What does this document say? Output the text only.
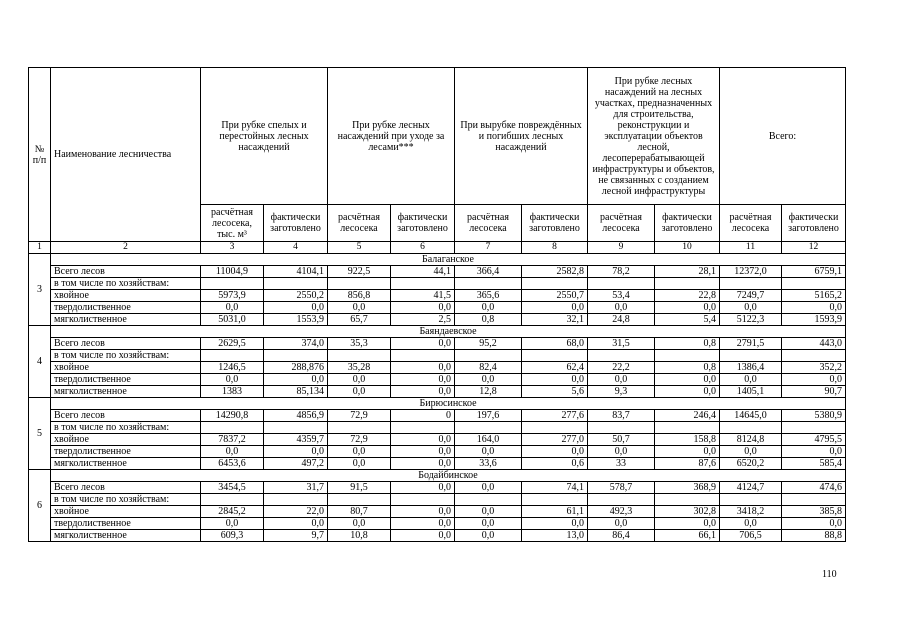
№ п/п	Наименование лесничества	При рубке спелых и перестойных лесных насаждений		При рубке лесных насаждений при уходе за лесами***		При вырубке повреждённых и погибших лесных насаждений		При рубке лесных насаждений на лесных участках, предназначенных для строительства, реконструкции и эксплуатации объектов лесной, лесоперерабатывающей инфраструктуры и объектов, не связанных с созданием лесной инфраструктуры		Всего:	
		расчётная лесосека, тыс. м³	фактически заготовлено	расчётная лесосека	фактически заготовлено	расчётная лесосека	фактически заготовлено	расчётная лесосека	фактически заготовлено	расчётная лесосека	фактически заготовлено
1	2	3	4	5	6	7	8	9	10	11	12
3	Балаганское										
	Всего лесов	11004,9	4104,1	922,5	44,1	366,4	2582,8	78,2	28,1	12372,0	6759,1
	в том числе по хозяйствам:										
	хвойное	5973,9	2550,2	856,8	41,5	365,6	2550,7	53,4	22,8	7249,7	5165,2
	твердолиственное	0,0	0,0	0,0	0,0	0,0	0,0	0,0	0,0	0,0	0,0
	мягколиственное	5031,0	1553,9	65,7	2,5	0,8	32,1	24,8	5,4	5122,3	1593,9
4	Баяндаевское										
	Всего лесов	2629,5	374,0	35,3	0,0	95,2	68,0	31,5	0,8	2791,5	443,0
	в том числе по хозяйствам:										
	хвойное	1246,5	288,876	35,28	0,0	82,4	62,4	22,2	0,8	1386,4	352,2
	твердолиственное	0,0	0,0	0,0	0,0	0,0	0,0	0,0	0,0	0,0	0,0
	мягколиственное	1383	85,134	0,0	0,0	12,8	5,6	9,3	0,0	1405,1	90,7
5	Бирюсинское										
	Всего лесов	14290,8	4856,9	72,9	0	197,6	277,6	83,7	246,4	14645,0	5380,9
	в том числе по хозяйствам:										
	хвойное	7837,2	4359,7	72,9	0,0	164,0	277,0	50,7	158,8	8124,8	4795,5
	твердолиственное	0,0	0,0	0,0	0,0	0,0	0,0	0,0	0,0	0,0	0,0
	мягколиственное	6453,6	497,2	0,0	0,0	33,6	0,6	33	87,6	6520,2	585,4
6	Бодайбинское										
	Всего лесов	3454,5	31,7	91,5	0,0	0,0	74,1	578,7	368,9	4124,7	474,6
	в том числе по хозяйствам:										
	хвойное	2845,2	22,0	80,7	0,0	0,0	61,1	492,3	302,8	3418,2	385,8
	твердолиственное	0,0	0,0	0,0	0,0	0,0	0,0	0,0	0,0	0,0	0,0
	мягколиственное	609,3	9,7	10,8	0,0	0,0	13,0	86,4	66,1	706,5	88,8
110
